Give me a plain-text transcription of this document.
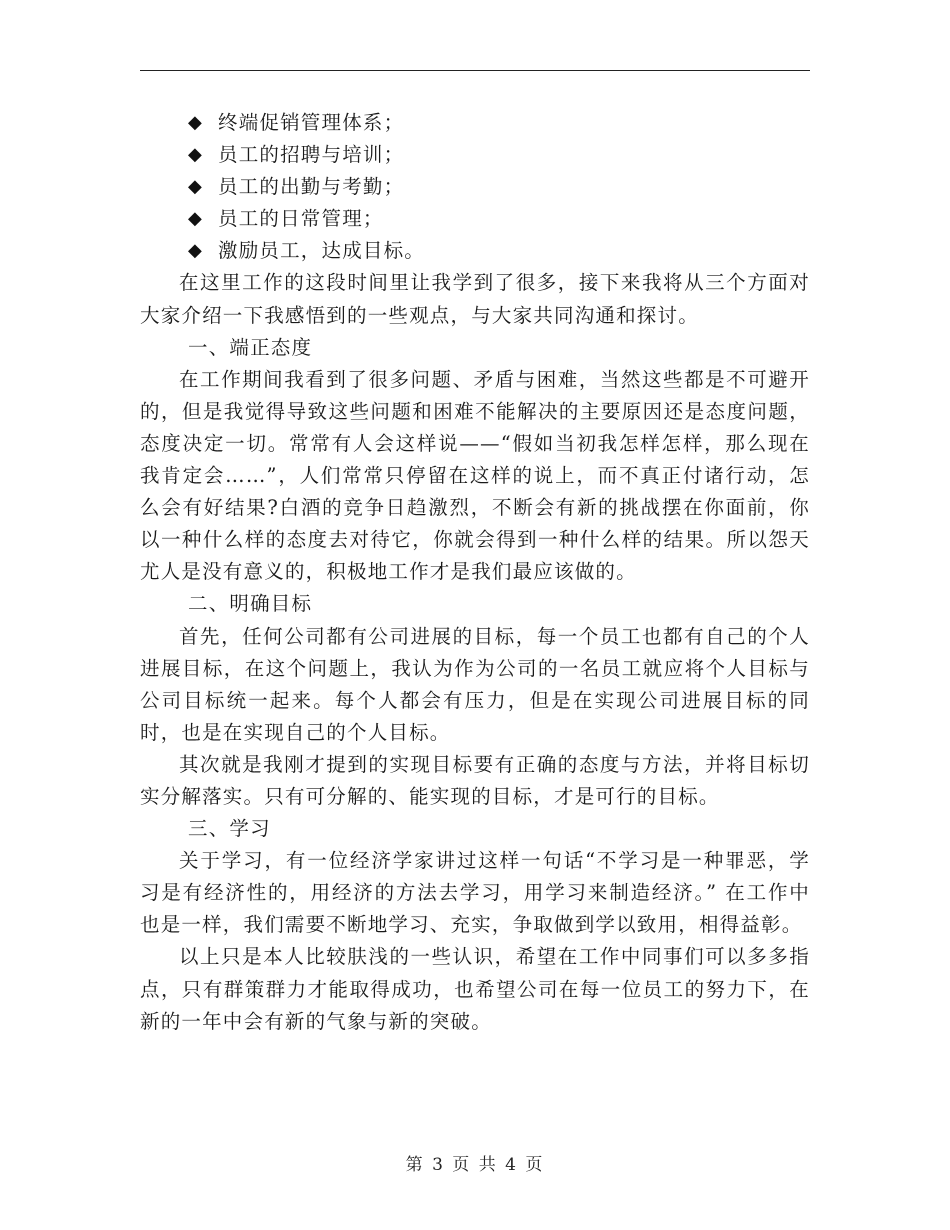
◆ 终端促销管理体系；
◆ 员工的招聘与培训；
◆ 员工的出勤与考勤；
◆ 员工的日常管理；
◆ 激励员工，达成目标。

在这里工作的这段时间里让我学到了很多，接下来我将从三个方面对大家介绍一下我感悟到的一些观点，与大家共同沟通和探讨。

一、端正态度

在工作期间我看到了很多问题、矛盾与困难，当然这些都是不可避开的，但是我觉得导致这些问题和困难不能解决的主要原因还是态度问题，态度决定一切。常常有人会这样说——“假如当初我怎样怎样，那么现在我肯定会……”，人们常常只停留在这样的说上，而不真正付诸行动，怎么会有好结果?白酒的竞争日趋激烈，不断会有新的挑战摆在你面前，你以一种什么样的态度去对待它，你就会得到一种什么样的结果。所以怨天尤人是没有意义的，积极地工作才是我们最应该做的。

二、明确目标

首先，任何公司都有公司进展的目标，每一个员工也都有自己的个人进展目标，在这个问题上，我认为作为公司的一名员工就应将个人目标与公司目标统一起来。每个人都会有压力，但是在实现公司进展目标的同时，也是在实现自己的个人目标。

其次就是我刚才提到的实现目标要有正确的态度与方法，并将目标切实分解落实。只有可分解的、能实现的目标，才是可行的目标。

三、学习

关于学习，有一位经济学家讲过这样一句话“不学习是一种罪恶，学习是有经济性的，用经济的方法去学习，用学习来制造经济。” 在工作中也是一样，我们需要不断地学习、充实，争取做到学以致用，相得益彰。

以上只是本人比较肤浅的一些认识，希望在工作中同事们可以多多指点，只有群策群力才能取得成功，也希望公司在每一位员工的努力下，在新的一年中会有新的气象与新的突破。

第 3 页 共 4 页
